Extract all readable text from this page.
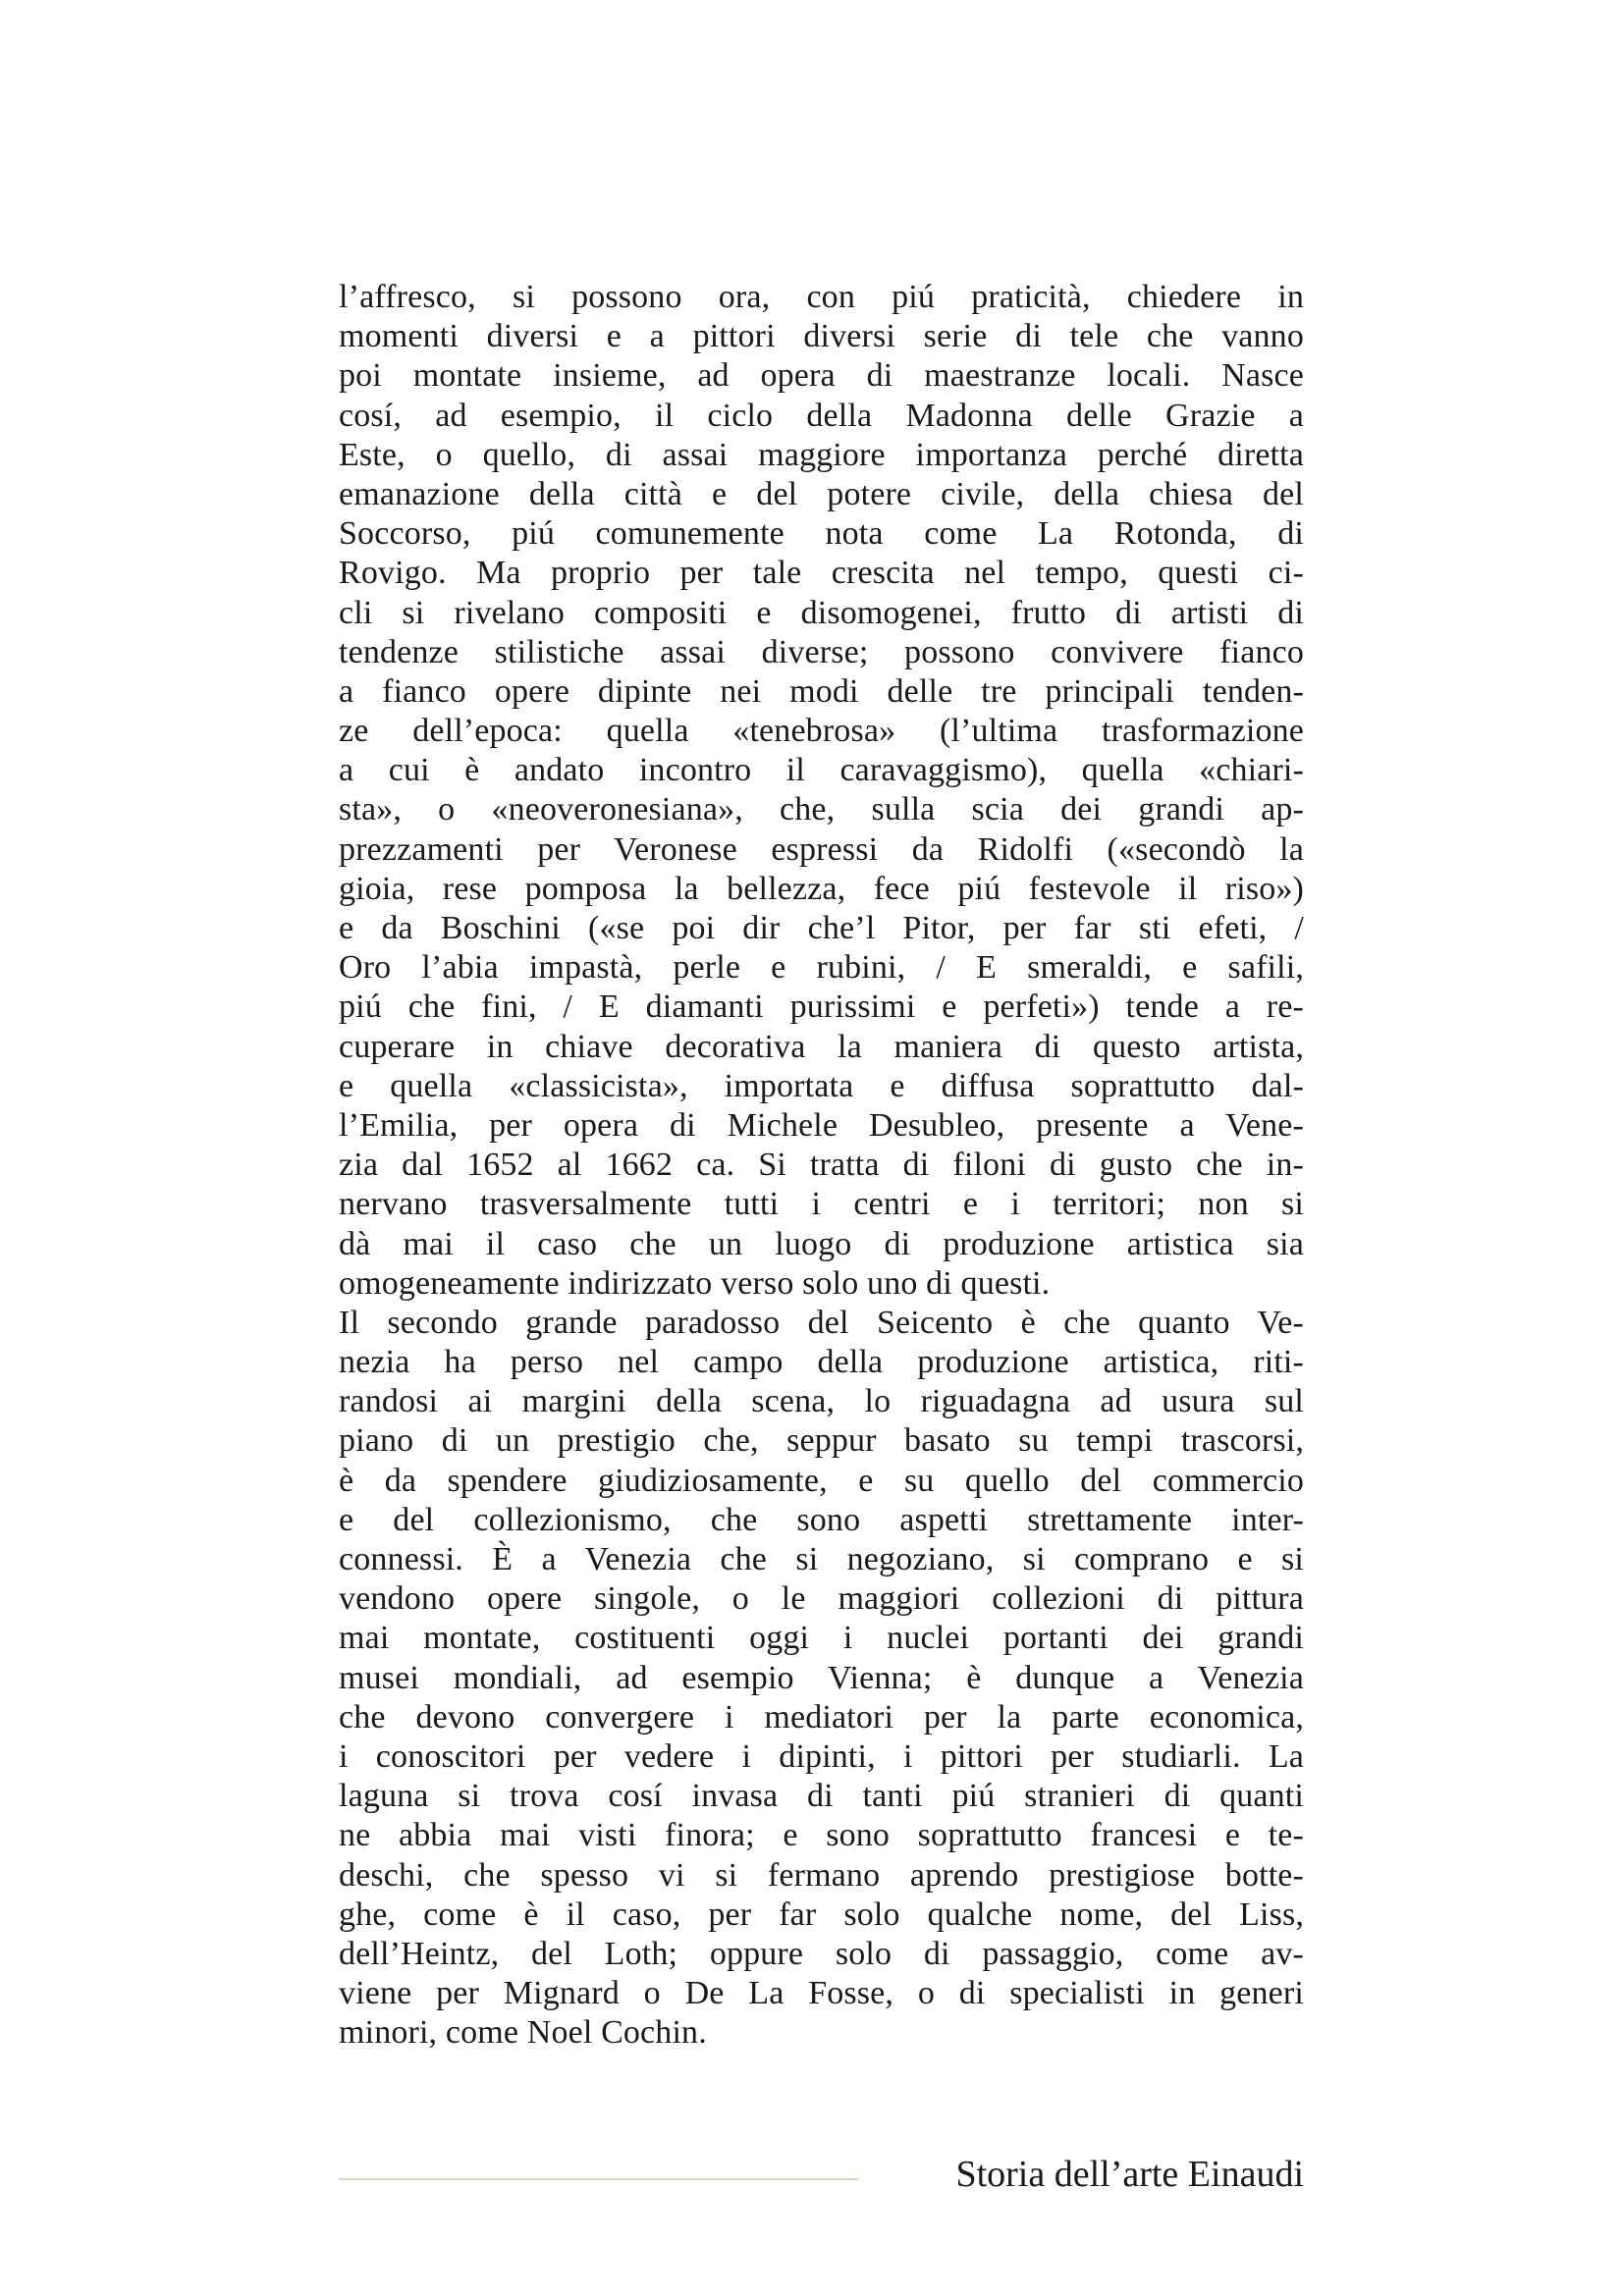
l’affresco, si possono ora, con piú praticità, chiedere in
momenti diversi e a pittori diversi serie di tele che vanno
poi montate insieme, ad opera di maestranze locali. Nasce
cosí, ad esempio, il ciclo della Madonna delle Grazie a
Este, o quello, di assai maggiore importanza perché diretta
emanazione della città e del potere civile, della chiesa del
Soccorso, piú comunemente nota come La Rotonda, di
Rovigo. Ma proprio per tale crescita nel tempo, questi ci-
cli si rivelano compositi e disomogenei, frutto di artisti di
tendenze stilistiche assai diverse; possono convivere fianco
a fianco opere dipinte nei modi delle tre principali tenden-
ze dell’epoca: quella «tenebrosa» (l’ultima trasformazione
a cui è andato incontro il caravaggismo), quella «chiari-
sta», o «neoveronesiana», che, sulla scia dei grandi ap-
prezzamenti per Veronese espressi da Ridolfi («secondò la
gioia, rese pomposa la bellezza, fece piú festevole il riso»)
e da Boschini («se poi dir che’l Pitor, per far sti efeti, /
Oro l’abia impastà, perle e rubini, / E smeraldi, e safili,
piú che fini, / E diamanti purissimi e perfeti») tende a re-
cuperare in chiave decorativa la maniera di questo artista,
e quella «classicista», importata e diffusa soprattutto dal-
l’Emilia, per opera di Michele Desubleo, presente a Vene-
zia dal 1652 al 1662 ca. Si tratta di filoni di gusto che in-
nervano trasversalmente tutti i centri e i territori; non si
dà mai il caso che un luogo di produzione artistica sia
omogeneamente indirizzato verso solo uno di questi.
Il secondo grande paradosso del Seicento è che quanto Ve-
nezia ha perso nel campo della produzione artistica, riti-
randosi ai margini della scena, lo riguadagna ad usura sul
piano di un prestigio che, seppur basato su tempi trascorsi,
è da spendere giudiziosamente, e su quello del commercio
e del collezionismo, che sono aspetti strettamente inter-
connessi. È a Venezia che si negoziano, si comprano e si
vendono opere singole, o le maggiori collezioni di pittura
mai montate, costituenti oggi i nuclei portanti dei grandi
musei mondiali, ad esempio Vienna; è dunque a Venezia
che devono convergere i mediatori per la parte economica,
i conoscitori per vedere i dipinti, i pittori per studiarli. La
laguna si trova cosí invasa di tanti piú stranieri di quanti
ne abbia mai visti finora; e sono soprattutto francesi e te-
deschi, che spesso vi si fermano aprendo prestigiose botte-
ghe, come è il caso, per far solo qualche nome, del Liss,
dell’Heintz, del Loth; oppure solo di passaggio, come av-
viene per Mignard o De La Fosse, o di specialisti in generi
minori, come Noel Cochin.
Storia dell’arte Einaudi
